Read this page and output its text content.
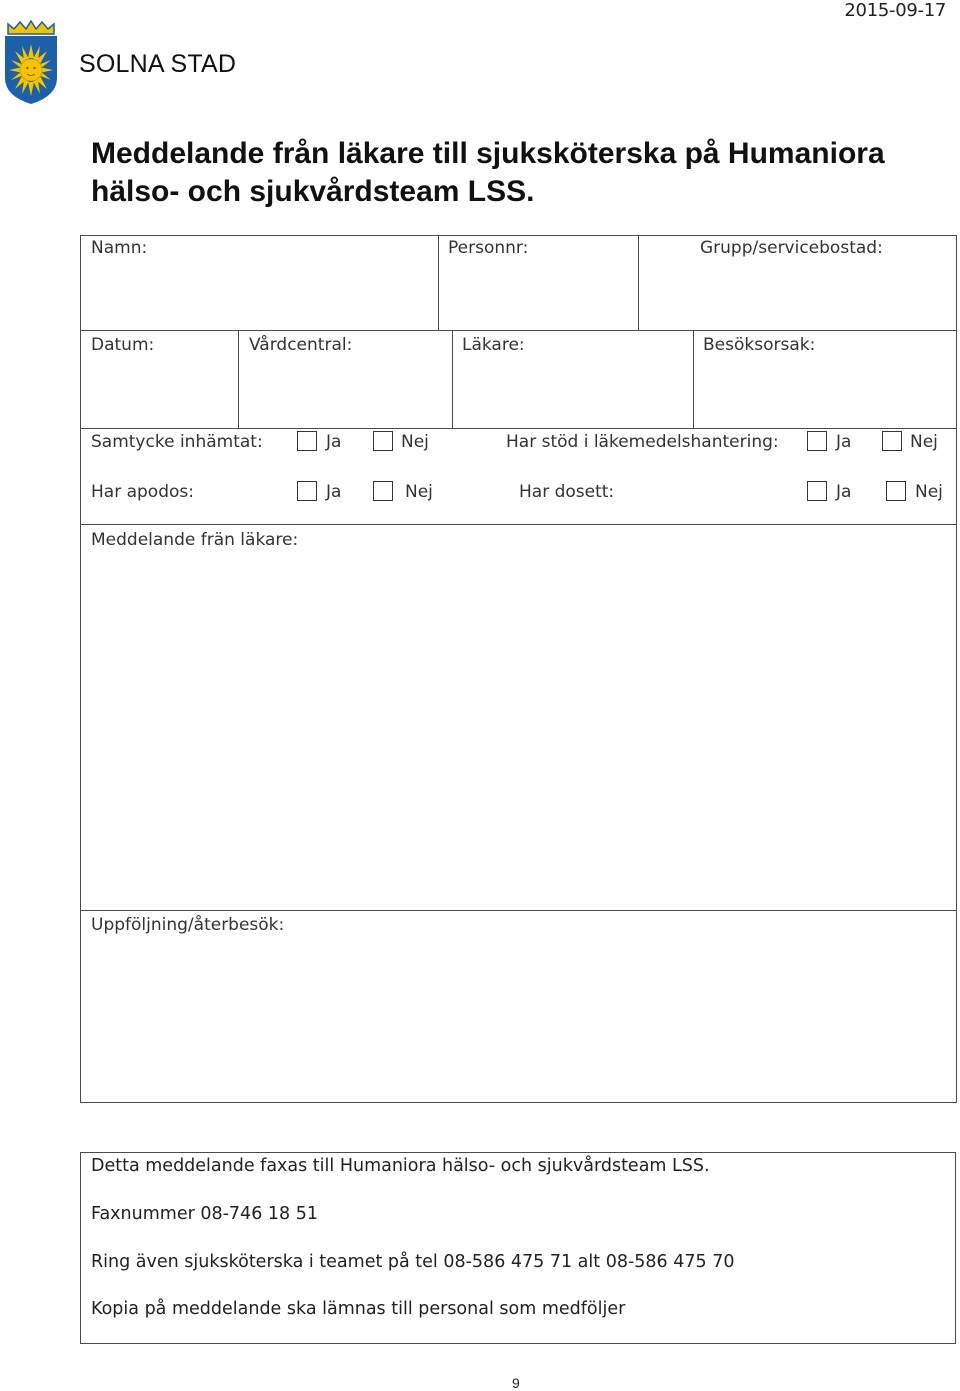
2015-09-17
SOLNA STAD
Meddelande från läkare till sjuksköterska på Humaniora
hälso- och sjukvårdsteam LSS.
Namn:	Personnr:	Grupp/servicebostad:
Datum:	Vårdcentral:	Läkare:	Besöksorsak:
Samtycke inhämtat:	Ja	Nej	Har stöd i läkemedelshantering:	Ja	Nej
Har apodos:	Ja	Nej	Har dosett:	Ja	Nej
Meddelande frän läkare:
Uppföljning/återbesök:
Detta meddelande faxas till Humaniora hälso- och sjukvårdsteam LSS.
Faxnummer 08-746 18 51
Ring även sjuksköterska i teamet på tel 08-586 475 71 alt 08-586 475 70
Kopia på meddelande ska lämnas till personal som medföljer
9
